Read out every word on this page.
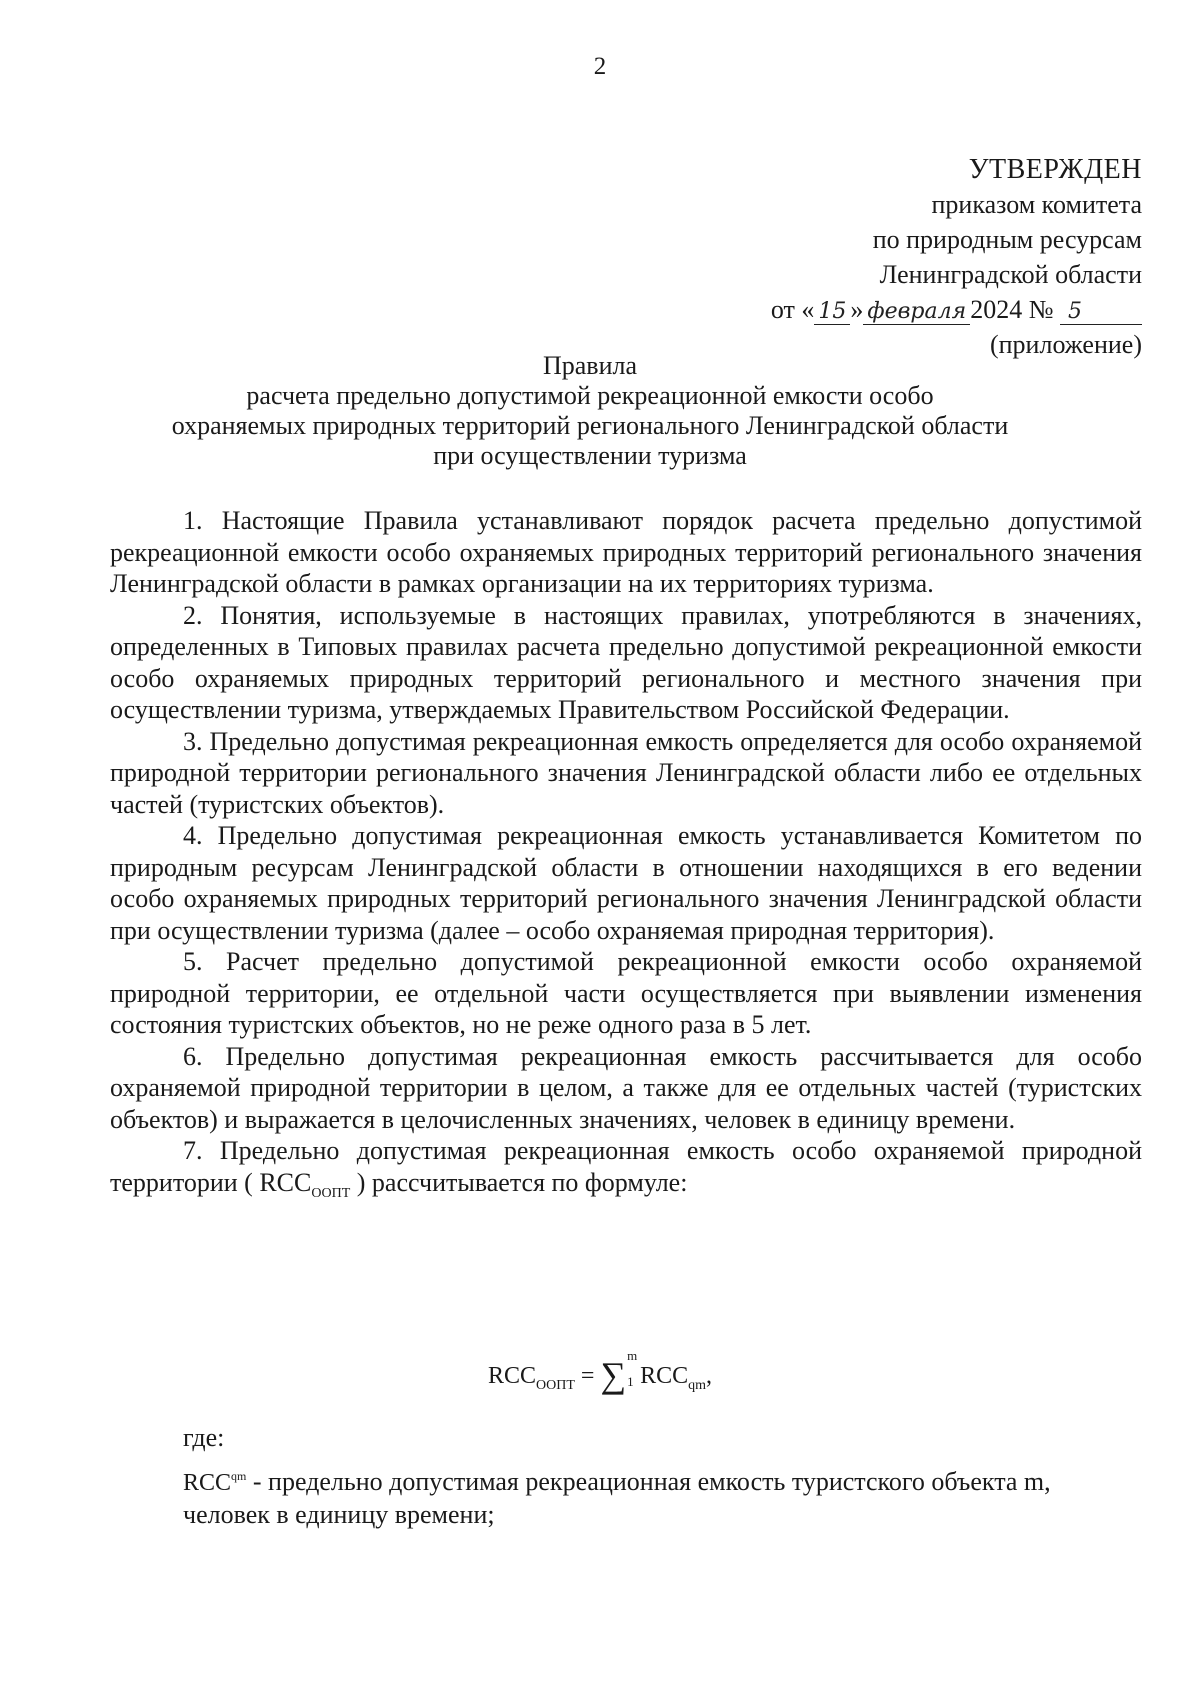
2
УТВЕРЖДЕН
приказом комитета
по природным ресурсам
Ленинградской области
от « 15 » февраля 2024 № 5
(приложение)
Правила
расчета предельно допустимой рекреационной емкости особо
охраняемых природных территорий регионального Ленинградской области
при осуществлении туризма

1. Настоящие Правила устанавливают порядок расчета предельно допустимой рекреационной емкости особо охраняемых природных территорий регионального значения Ленинградской области в рамках организации на их территориях туризма.

2. Понятия, используемые в настоящих правилах, употребляются в значениях, определенных в Типовых правилах расчета предельно допустимой рекреационной емкости особо охраняемых природных территорий регионального и местного значения при осуществлении туризма, утверждаемых Правительством Российской Федерации.

3. Предельно допустимая рекреационная емкость определяется для особо охраняемой природной территории регионального значения Ленинградской области либо ее отдельных частей (туристских объектов).

4. Предельно допустимая рекреационная емкость устанавливается Комитетом по природным ресурсам Ленинградской области в отношении находящихся в его ведении особо охраняемых природных территорий регионального значения Ленинградской области при осуществлении туризма (далее – особо охраняемая природная территория).

5. Расчет предельно допустимой рекреационной емкости особо охраняемой природной территории, ее отдельной части осуществляется при выявлении изменения состояния туристских объектов, но не реже одного раза в 5 лет.

6. Предельно допустимая рекреационная емкость рассчитывается для особо охраняемой природной территории в целом, а также для ее отдельных частей (туристских объектов) и выражается в целочисленных значениях, человек в единицу времени.

7. Предельно допустимая рекреационная емкость особо охраняемой природной территории ( $RCC_{ООПТ}$ ) рассчитывается по формуле:

$RCC_{ООПТ}$ = ∑ m
1 $RCC_{qm}$,
где:
$RCC^{qm}$ - предельно допустимая рекреационная емкость туристского объекта m, человек в единицу времени;
